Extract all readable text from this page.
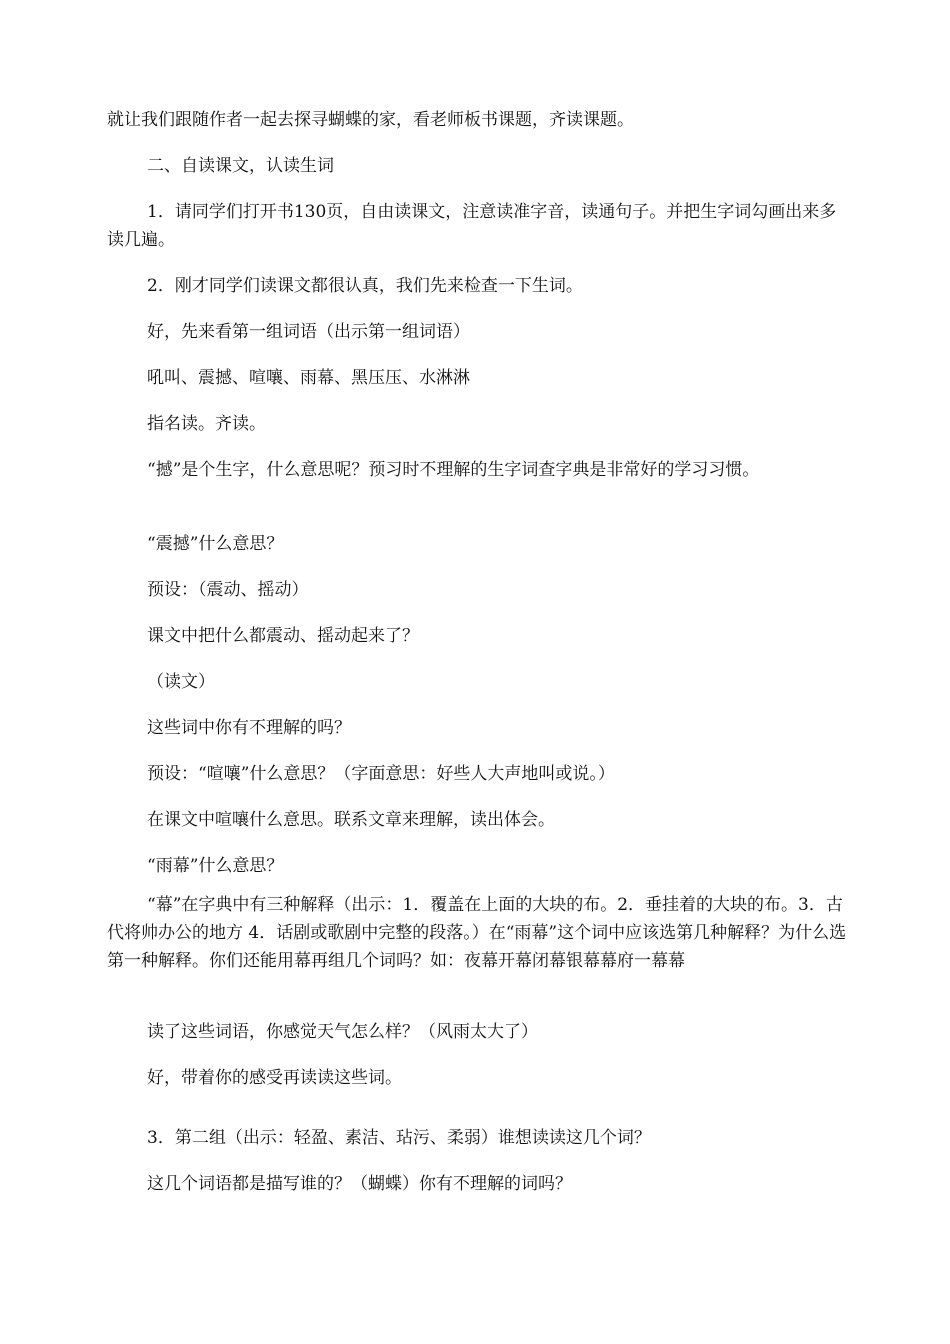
就让我们跟随作者一起去探寻蝴蝶的家，看老师板书课题，齐读课题。

二、自读课文，认读生词

1．请同学们打开书130页，自由读课文，注意读准字音，读通句子。并把生字词勾画出来多读几遍。

2．刚才同学们读课文都很认真，我们先来检查一下生词。

好，先来看第一组词语（出示第一组词语）

吼叫、震撼、喧嚷、雨幕、黑压压、水淋淋

指名读。齐读。

“撼”是个生字，什么意思呢？预习时不理解的生字词查字典是非常好的学习习惯。

“震撼”什么意思？

预设：（震动、摇动）

课文中把什么都震动、摇动起来了？

（读文）

这些词中你有不理解的吗？

预设：“喧嚷”什么意思？（字面意思：好些人大声地叫或说。）

在课文中喧嚷什么意思。联系文章来理解，读出体会。

“雨幕”什么意思？

“幕”在字典中有三种解释（出示：1．覆盖在上面的大块的布。2．垂挂着的大块的布。3．古代将帅办公的地方 4．话剧或歌剧中完整的段落。）在“雨幕”这个词中应该选第几种解释？为什么选第一种解释。你们还能用幕再组几个词吗？如：夜幕开幕闭幕银幕幕府一幕幕

读了这些词语，你感觉天气怎么样？（风雨太大了）

好，带着你的感受再读读这些词。

3．第二组（出示：轻盈、素洁、玷污、柔弱）谁想读读这几个词？

这几个词语都是描写谁的？（蝴蝶）你有不理解的词吗？
